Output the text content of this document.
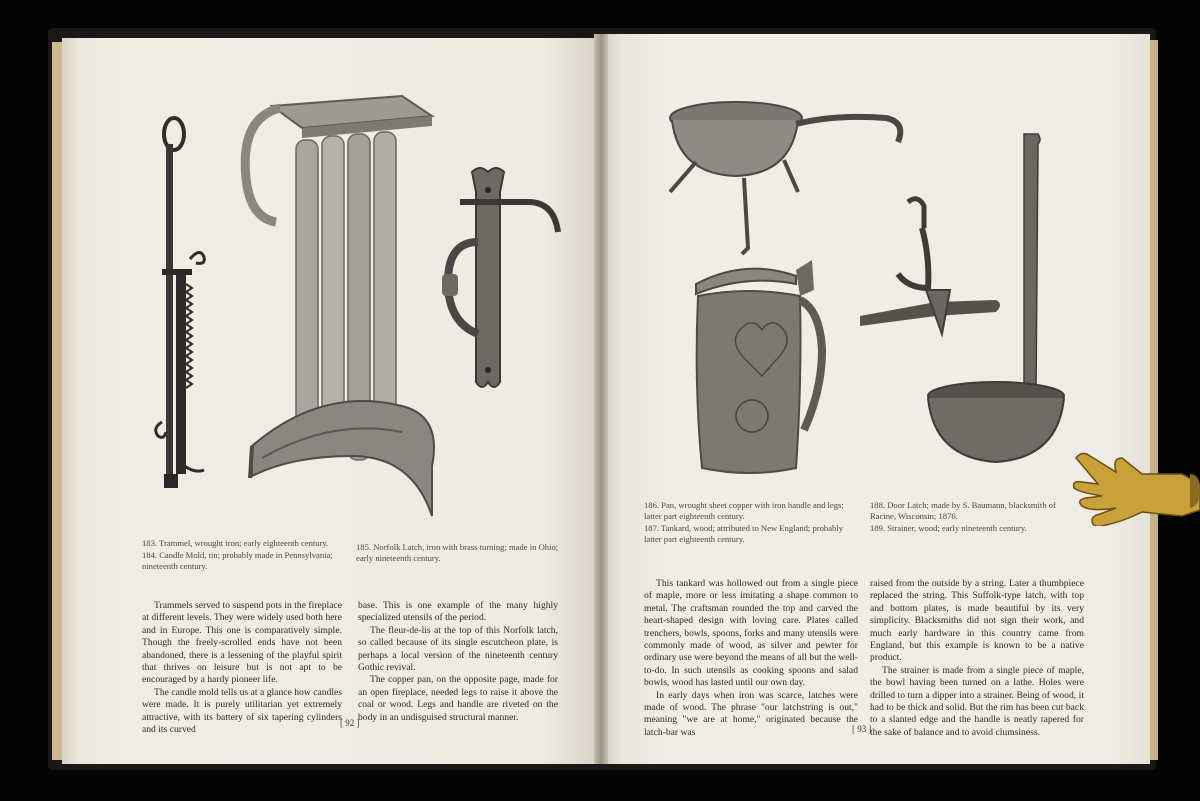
183. Trammel, wrought iron; early eighteenth century.
184. Candle Mold, tin; probably made in Pennsylvania; nineteenth century.
185. Norfolk Latch, iron with brass turning; made in Ohio; early nineteenth century.

Trammels served to suspend pots in the fireplace at different levels. They were widely used both here and in Europe. This one is comparatively simple. Though the freely-scrolled ends have not been abandoned, there is a lessening of the playful spirit that thrives on leisure but is not apt to be encouraged by a hardy pioneer life.

The candle mold tells us at a glance how candles were made. It is purely utilitarian yet extremely attractive, with its battery of six tapering cylinders and its curved

base. This is one example of the many highly specialized utensils of the period.

The fleur-de-lis at the top of this Norfolk latch, so called because of its single escutcheon plate, is perhaps a local version of the nineteenth century Gothic revival.

The copper pan, on the opposite page, made for an open fireplace, needed legs to raise it above the coal or wood. Legs and handle are riveted on the body in an undisguised structural manner.

[ 92 ]
186. Pan, wrought sheet copper with iron handle and legs; latter part eighteenth century.
187. Tankard, wood; attributed to New England; probably latter part eighteenth century.
188. Door Latch; made by S. Baumann, blacksmith of Racine, Wisconsin; 1876.
189. Strainer, wood; early nineteenth century.

This tankard was hollowed out from a single piece of maple, more or less imitating a shape common to metal. The craftsman rounded the top and carved the heart-shaped design with loving care. Plates called trenchers, bowls, spoons, forks and many utensils were commonly made of wood, as silver and pewter for ordinary use were beyond the means of all but the well-to-do. In such utensils as cooking spoons and salad bowls, wood has lasted until our own day.

In early days when iron was scarce, latches were made of wood. The phrase "our latchstring is out," meaning "we are at home," originated because the latch-bar was

raised from the outside by a string. Later a thumbpiece replaced the string. This Suffolk-type latch, with top and bottom plates, is made beautiful by its very simplicity. Blacksmiths did not sign their work, and much early hardware in this country came from England, but this example is known to be a native product.

The strainer is made from a single piece of maple, the bowl having been turned on a lathe. Holes were drilled to turn a dipper into a strainer. Being of wood, it had to be thick and solid. But the rim has been cut back to a slanted edge and the handle is neatly tapered for the sake of balance and to avoid clumsiness.

[ 93 ]
